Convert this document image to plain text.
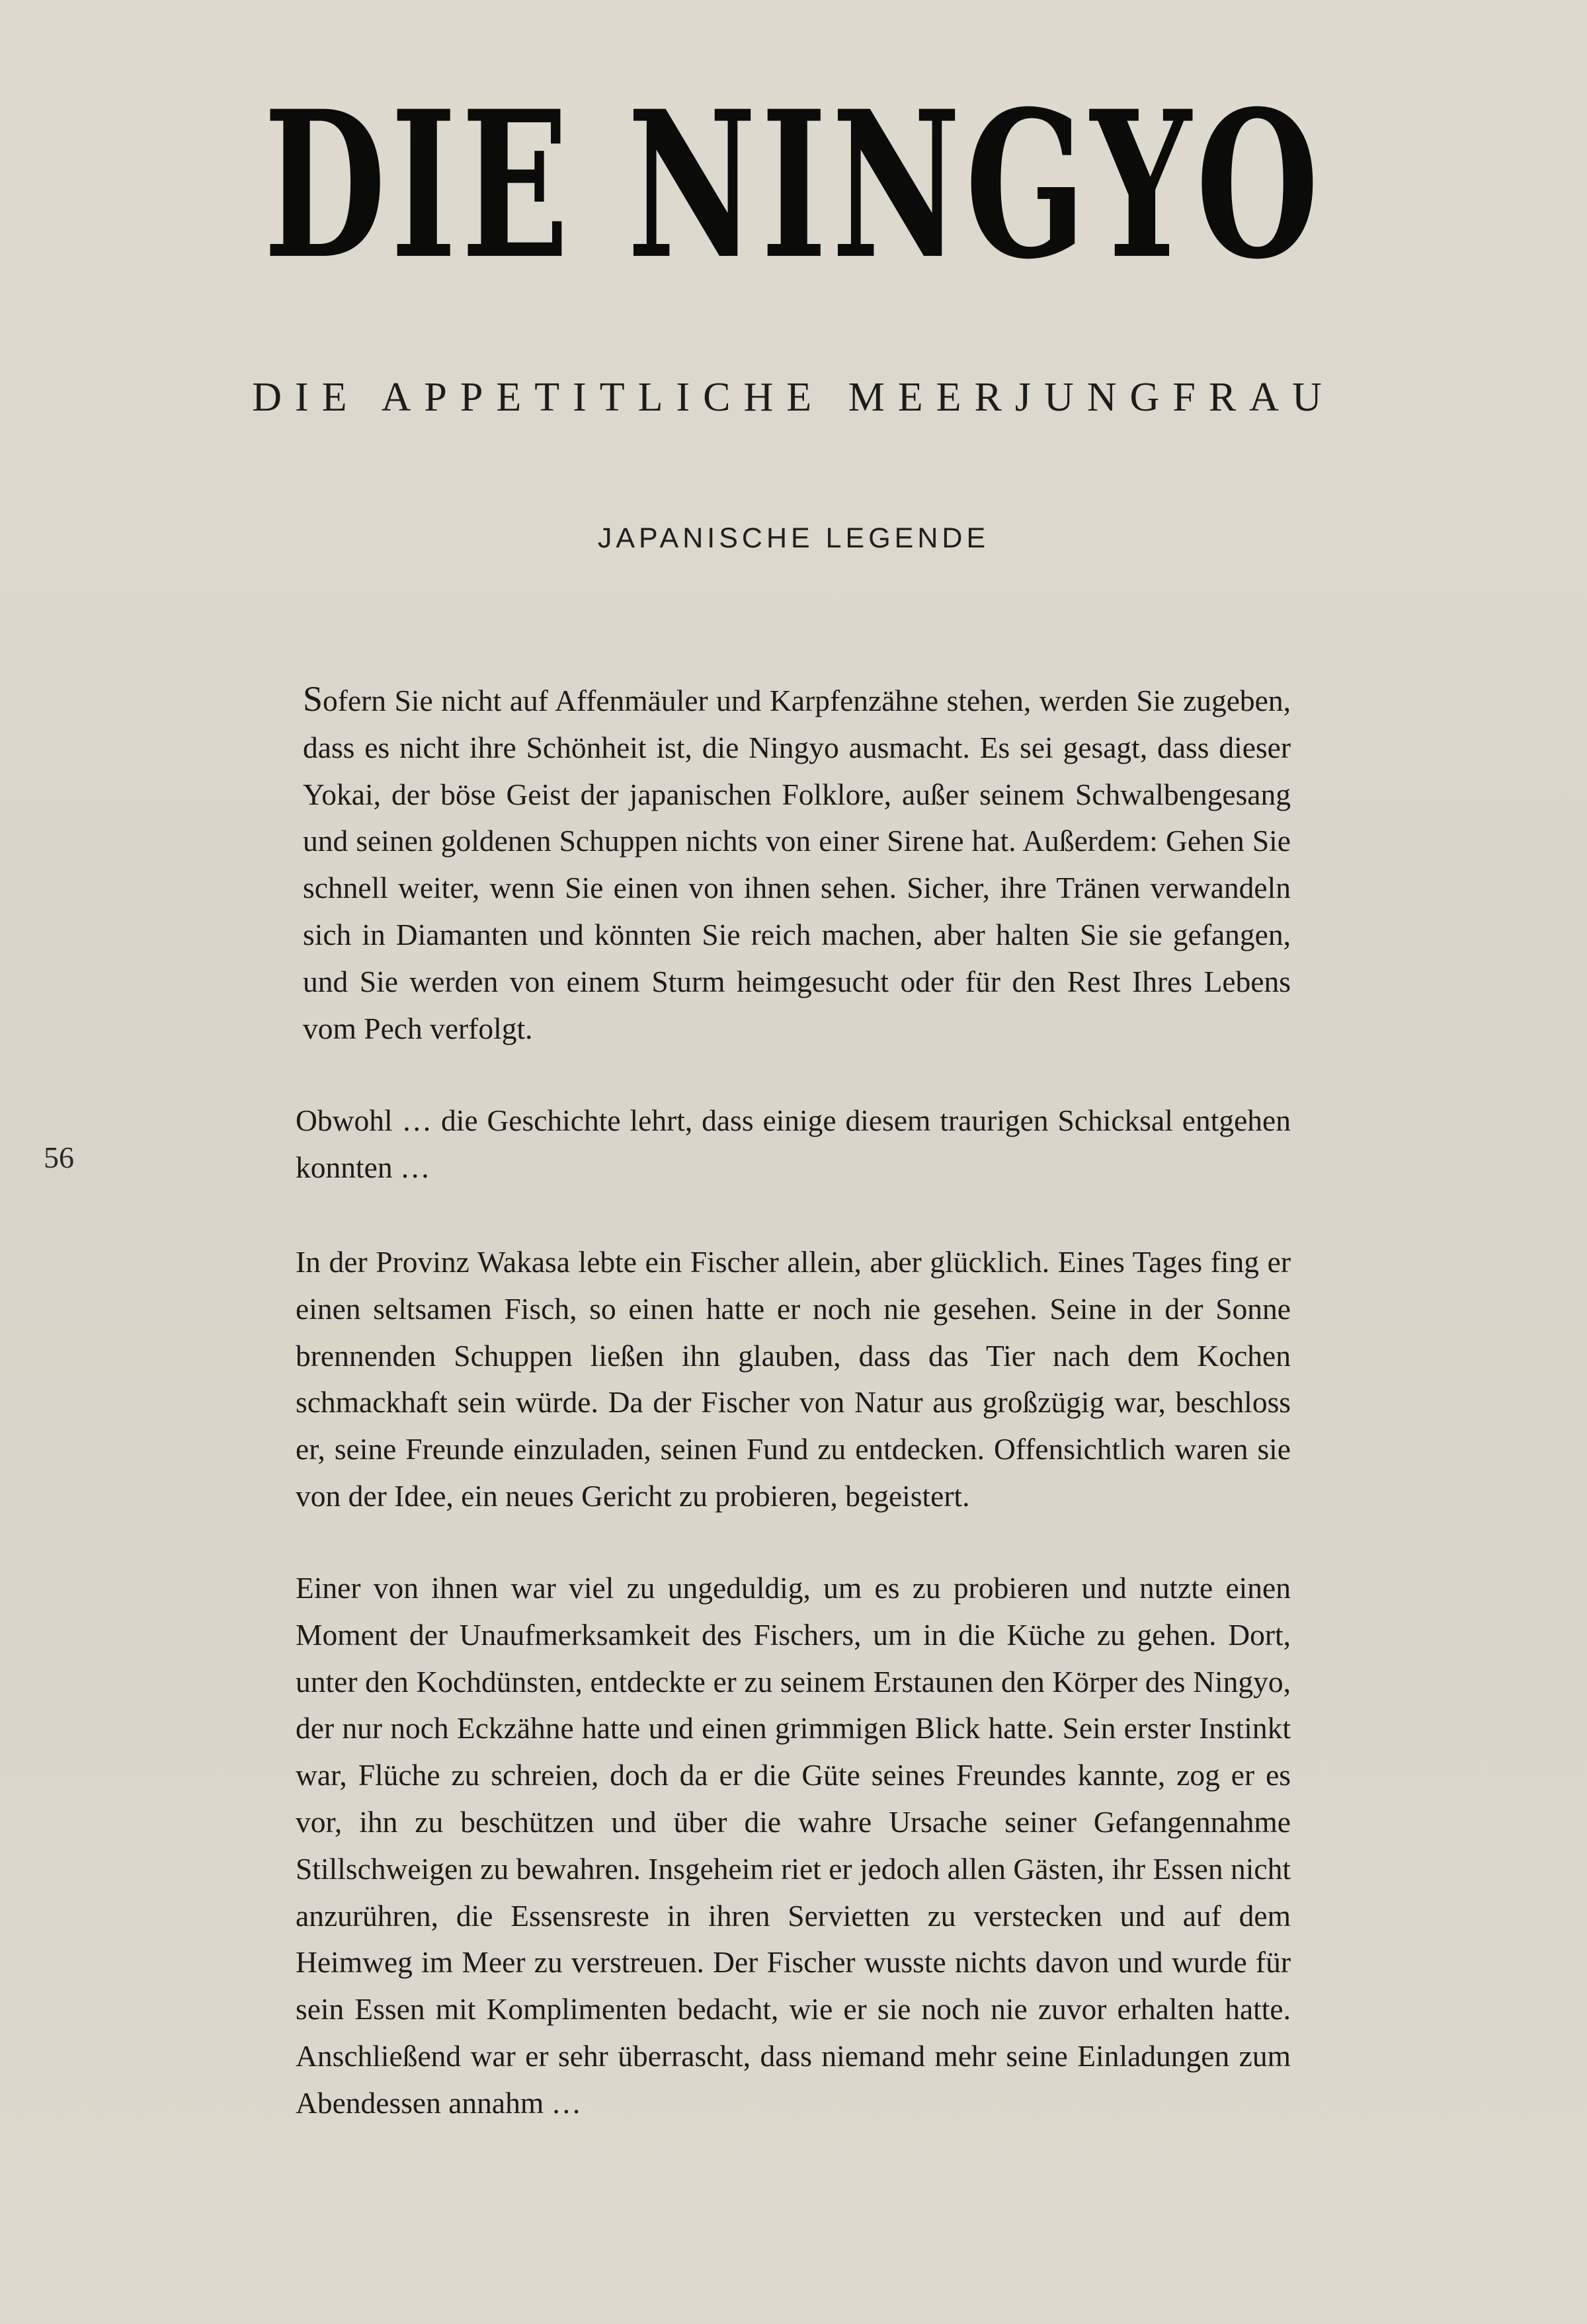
DIE NINGYO
DIE APPETITLICHE MEERJUNGFRAU
JAPANISCHE LEGENDE
56

Sofern Sie nicht auf Affenmäuler und Karpfenzähne stehen, werden Sie zugeben, dass es nicht ihre Schönheit ist, die Ningyo ausmacht. Es sei gesagt, dass dieser Yokai, der böse Geist der japanischen Folklore, außer seinem Schwalbengesang und seinen goldenen Schuppen nichts von einer Sirene hat. Außerdem: Gehen Sie schnell weiter, wenn Sie einen von ihnen sehen. Sicher, ihre Tränen verwandeln sich in Diamanten und könnten Sie reich machen, aber halten Sie sie gefangen, und Sie werden von einem Sturm heimgesucht oder für den Rest Ihres Lebens vom Pech verfolgt.

Obwohl … die Geschichte lehrt, dass einige diesem traurigen Schicksal entgehen konnten …

In der Provinz Wakasa lebte ein Fischer allein, aber glücklich. Eines Tages fing er einen seltsamen Fisch, so einen hatte er noch nie gesehen. Seine in der Sonne brennenden Schuppen ließen ihn glauben, dass das Tier nach dem Kochen schmackhaft sein würde. Da der Fischer von Natur aus großzügig war, beschloss er, seine Freunde einzuladen, seinen Fund zu entdecken. Offensichtlich waren sie von der Idee, ein neues Gericht zu probieren, begeistert.

Einer von ihnen war viel zu ungeduldig, um es zu probieren und nutzte einen Moment der Unaufmerksamkeit des Fischers, um in die Küche zu gehen. Dort, unter den Kochdünsten, entdeckte er zu seinem Erstaunen den Körper des Ningyo, der nur noch Eckzähne hatte und einen grimmigen Blick hatte. Sein erster Instinkt war, Flüche zu schreien, doch da er die Güte seines Freundes kannte, zog er es vor, ihn zu beschützen und über die wahre Ursache seiner Gefangennahme Stillschweigen zu bewahren. Insgeheim riet er jedoch allen Gästen, ihr Essen nicht anzurühren, die Essensreste in ihren Servietten zu verstecken und auf dem Heimweg im Meer zu verstreuen. Der Fischer wusste nichts davon und wurde für sein Essen mit Komplimenten bedacht, wie er sie noch nie zuvor erhalten hatte. Anschließend war er sehr überrascht, dass niemand mehr seine Einladungen zum Abendessen annahm …
